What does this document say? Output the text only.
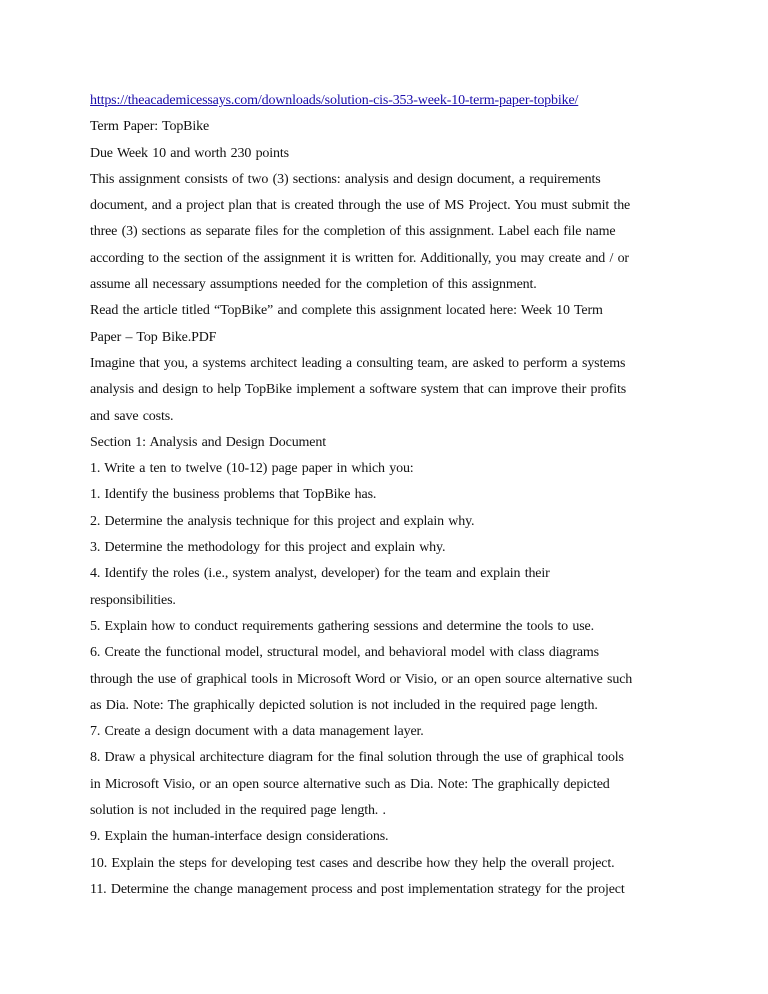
https://theacademicessays.com/downloads/solution-cis-353-week-10-term-paper-topbike/
Term Paper: TopBike
Due Week 10 and worth 230 points
This assignment consists of two (3) sections: analysis and design document, a requirements
document, and a project plan that is created through the use of MS Project. You must submit the
three (3) sections as separate files for the completion of this assignment. Label each file name
according to the section of the assignment it is written for. Additionally, you may create and / or
assume all necessary assumptions needed for the completion of this assignment.
Read the article titled “TopBike” and complete this assignment located here: Week 10 Term
Paper – Top Bike.PDF
Imagine that you, a systems architect leading a consulting team, are asked to perform a systems
analysis and design to help TopBike implement a software system that can improve their profits
and save costs.
Section 1: Analysis and Design Document
1. Write a ten to twelve (10-12) page paper in which you:
1. Identify the business problems that TopBike has.
2. Determine the analysis technique for this project and explain why.
3. Determine the methodology for this project and explain why.
4. Identify the roles (i.e., system analyst, developer) for the team and explain their
responsibilities.
5. Explain how to conduct requirements gathering sessions and determine the tools to use.
6. Create the functional model, structural model, and behavioral model with class diagrams
through the use of graphical tools in Microsoft Word or Visio, or an open source alternative such
as Dia. Note: The graphically depicted solution is not included in the required page length.
7. Create a design document with a data management layer.
8. Draw a physical architecture diagram for the final solution through the use of graphical tools
in Microsoft Visio, or an open source alternative such as Dia. Note: The graphically depicted
solution is not included in the required page length. .
9. Explain the human-interface design considerations.
10. Explain the steps for developing test cases and describe how they help the overall project.
11. Determine the change management process and post implementation strategy for the project
